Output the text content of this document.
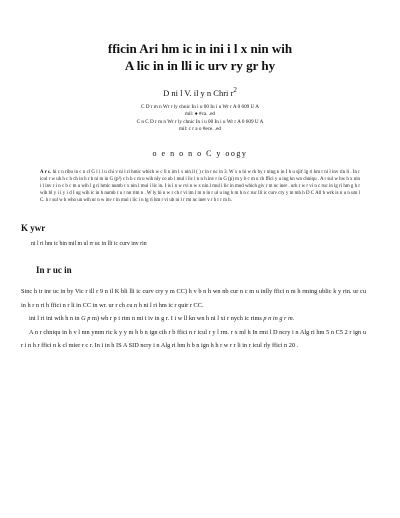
fficin Ari hm ic in ini i l x nin wih
A lic in in lli ic urv ry gr hy
D ni l V. il y n Chri $r^2$
C D r m n Wr r ly chnic In i u 00 In i u Wr r A 0 609 U A
mil: ● #ca. .ed
C n C D r m n Wr r ly chnic In i u 00 In i u Wr r A 0 609 U A
mil: c r a o #ece. .ed
o e n o n o C y oogy
A r c. hi c n ribu in c n cl G l i l u chi v ni l ri hmic which w c ll n im l x nin il ( ) r in r nc in 3. W x n hi w rk by r ning n in I h u sjit' lg ri hm r ni l inv rin li . In r icul r w uh h c h ch in h r b ni m in G (p²) c h b c m u wih nly co ub l mul i lic i n n h inv r in G (p) m y b c m u ch ffici y u ing kn wn chniqu . A r sul w hw h x nin i l inv r i n c b c m u wih l g ri hmic numb r x nin l mul i lic in. I is i n w rvi n w x nin l mul i lic in mod which giv r m nc iner . urh r w r vi n c ruc in lg ri hm g h r wih bl y i i y i d I ug wih ic in h numb r u r nn rim n . W ly hi n w r ch r vi im l m n in r ul u ing h m h n c ruc lli ic curv cry y m mb h D C All h wrk is n u n um l C. h r sul w h who un wih ur n w inv r in mul i lic i n lg ri hm r vi ub ni l r rm nc iner v r h r r m h.
K ywr
ni l ri hm ic bin mil m ul rr uc in lli ic curv inv rin
In r uc in

Sinc h ir inr uc in by Vic r ill r 9 n il K bli lli ic curv cry y m CC) h v b n h wn nb cur n c m u inlly ffici n m h rming ublic k y rin. ur cu in h r n ri h ffici n r li in CC in wr. ur r ch cu n h ni l ri hm ic r quir r CC.

ini l ri ini wih h n in G p m) wh r p i rim n mi i iv in g r. I i w ll kn wn h ni l xi r nych ic rims p n in g r m.

A n r chniqu in h v l mn ymm ric k y y m h b n ign cih r b ffici n r icul r y l rm. r x ml h In rmi l D ncry i n Alg ri hm 5 n C5 2 r ign u r i n h r ffici n k cl mier r c r. In i in h IS A SID ncry i n Alg ri hm h b n ign h h r w r r li in r icul rly ffici n 20 .
